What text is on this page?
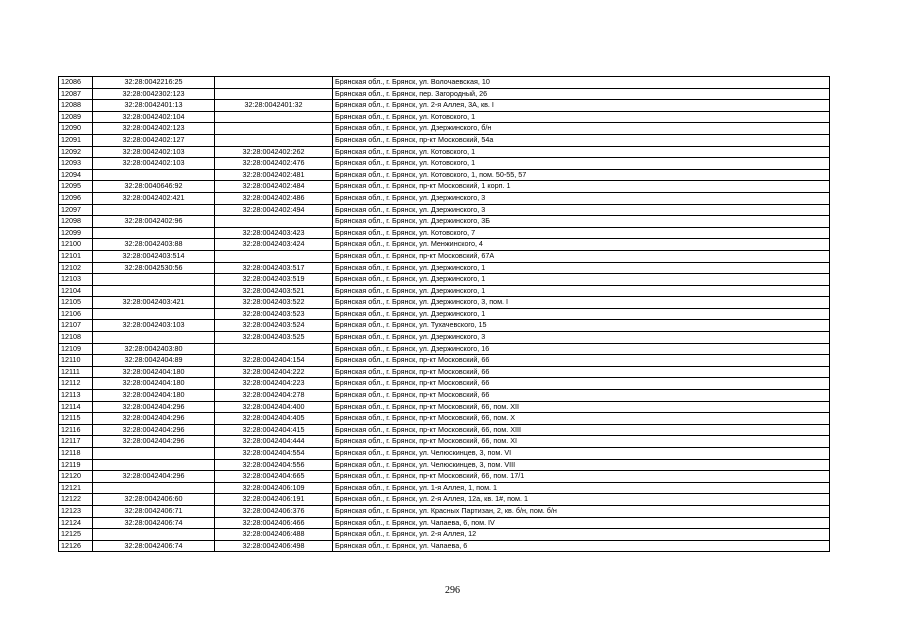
12086	32:28:0042216:25		Брянская обл., г. Брянск, ул. Волочаевская, 10
12087	32:28:0042302:123		Брянская обл., г. Брянск, пер. Загородный, 26
12088	32:28:0042401:13	32:28:0042401:32	Брянская обл., г. Брянск, ул. 2-я Аллея, 3А, кв. I
12089	32:28:0042402:104		Брянская обл., г. Брянск, ул. Котовского, 1
12090	32:28:0042402:123		Брянская обл., г. Брянск, ул. Дзержинского, б/н
12091	32:28:0042402:127		Брянская обл., г. Брянск, пр-кт Московский, 54а
12092	32:28:0042402:103	32:28:0042402:262	Брянская обл., г. Брянск, ул. Котовского, 1
12093	32:28:0042402:103	32:28:0042402:476	Брянская обл., г. Брянск, ул. Котовского, 1
12094		32:28:0042402:481	Брянская обл., г. Брянск, ул. Котовского, 1, пом. 50-55, 57
12095	32:28:0040646:92	32:28:0042402:484	Брянская обл., г. Брянск, пр-кт Московский, 1 корп. 1
12096	32:28:0042402:421	32:28:0042402:486	Брянская обл., г. Брянск, ул. Дзержинского, 3
12097		32:28:0042402:494	Брянская обл., г. Брянск, ул. Дзержинского, 3
12098	32:28:0042402:96		Брянская обл., г. Брянск, ул. Дзержинского, 3Б
12099		32:28:0042403:423	Брянская обл., г. Брянск, ул. Котовского, 7
12100	32:28:0042403:88	32:28:0042403:424	Брянская обл., г. Брянск, ул. Менжинского, 4
12101	32:28:0042403:514		Брянская обл., г. Брянск, пр-кт Московский, 67А
12102	32:28:0042530:56	32:28:0042403:517	Брянская обл., г. Брянск, ул. Дзержинского, 1
12103		32:28:0042403:519	Брянская обл., г. Брянск, ул. Дзержинского, 1
12104		32:28:0042403:521	Брянская обл., г. Брянск, ул. Дзержинского, 1
12105	32:28:0042403:421	32:28:0042403:522	Брянская обл., г. Брянск, ул. Дзержинского, 3, пом. I
12106		32:28:0042403:523	Брянская обл., г. Брянск, ул. Дзержинского, 1
12107	32:28:0042403:103	32:28:0042403:524	Брянская обл., г. Брянск, ул. Тухачевского, 15
12108		32:28:0042403:525	Брянская обл., г. Брянск, ул. Дзержинского, 3
12109	32:28:0042403:80		Брянская обл., г. Брянск, ул. Дзержинского, 16
12110	32:28:0042404:89	32:28:0042404:154	Брянская обл., г. Брянск, пр-кт Московский, 66
12111	32:28:0042404:180	32:28:0042404:222	Брянская обл., г. Брянск, пр-кт Московский, 66
12112	32:28:0042404:180	32:28:0042404:223	Брянская обл., г. Брянск, пр-кт Московский, 66
12113	32:28:0042404:180	32:28:0042404:278	Брянская обл., г. Брянск, пр-кт Московский, 66
12114	32:28:0042404:296	32:28:0042404:400	Брянская обл., г. Брянск, пр-кт Московский, 66, пом. XII
12115	32:28:0042404:296	32:28:0042404:405	Брянская обл., г. Брянск, пр-кт Московский, 66, пом. X
12116	32:28:0042404:296	32:28:0042404:415	Брянская обл., г. Брянск, пр-кт Московский, 66, пом. XIII
12117	32:28:0042404:296	32:28:0042404:444	Брянская обл., г. Брянск, пр-кт Московский, 66, пом. XI
12118		32:28:0042404:554	Брянская обл., г. Брянск, ул. Челюскинцев, 3, пом. VI
12119		32:28:0042404:556	Брянская обл., г. Брянск, ул. Челюскинцев, 3, пом. VIII
12120	32:28:0042404:296	32:28:0042404:665	Брянская обл., г. Брянск, пр-кт Московский, 66, пом. 17/1
12121		32:28:0042406:109	Брянская обл., г. Брянск, ул. 1-я Аллея, 1, пом. 1
12122	32:28:0042406:60	32:28:0042406:191	Брянская обл., г. Брянск, ул. 2-я Аллея, 12а, кв. 1#, пом. 1
12123	32:28:0042406:71	32:28:0042406:376	Брянская обл., г. Брянск, ул. Красных Партизан, 2, кв. б/н, пом. б/н
12124	32:28:0042406:74	32:28:0042406:466	Брянская обл., г. Брянск, ул. Чапаева, 6, пом. IV
12125		32:28:0042406:488	Брянская обл., г. Брянск, ул. 2-я Аллея, 12
12126	32:28:0042406:74	32:28:0042406:498	Брянская обл., г. Брянск, ул. Чапаева, 6
296
